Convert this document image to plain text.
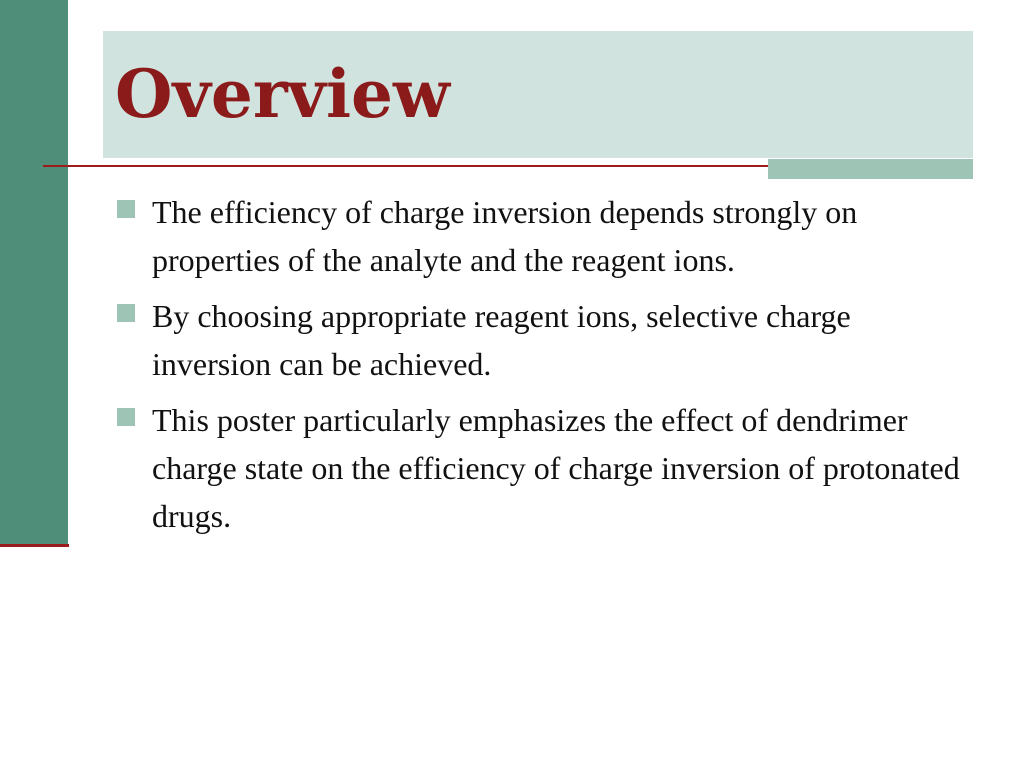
Overview
The efficiency of charge inversion depends strongly on properties of the analyte and the reagent ions.
By choosing appropriate reagent ions, selective charge inversion can be achieved.
This poster particularly emphasizes the effect of dendrimer charge state on the efficiency of charge inversion of protonated drugs.
